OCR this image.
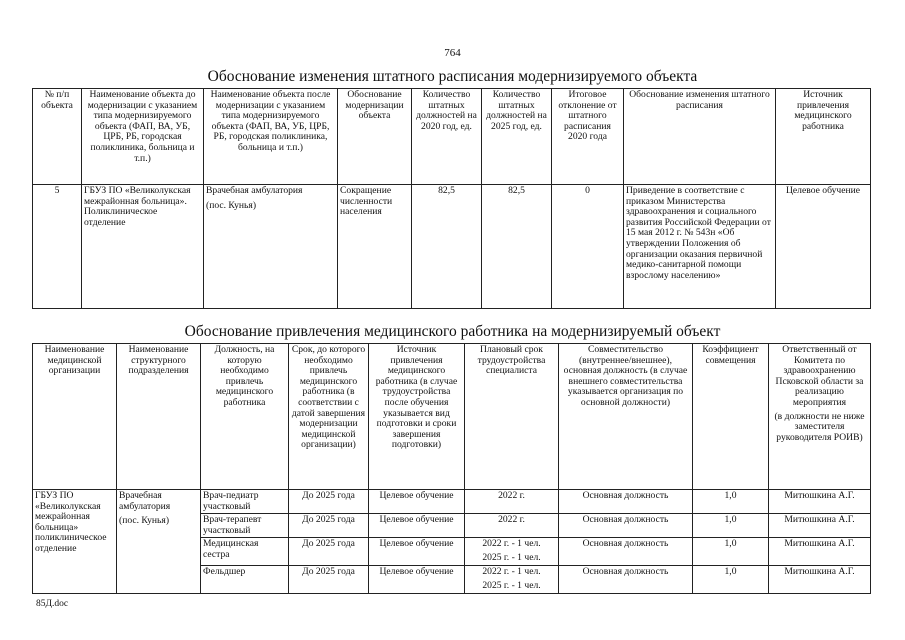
764
Обоснование изменения штатного расписания модернизируемого объекта
№ п/п объекта	Наименование объекта до модернизации с указанием типа модернизируемого объекта (ФАП, ВА, УБ, ЦРБ, РБ, городская поликлиника, больница и т.п.)	Наименование объекта после модернизации с указанием типа модернизируемого объекта (ФАП, ВА, УБ, ЦРБ, РБ, городская поликлиника, больница и т.п.)	Обоснование модернизации объекта	Количество штатных должностей на 2020 год, ед.	Количество штатных должностей на 2025 год, ед.	Итоговое отклонение от штатного расписания 2020 года	Обоснование изменения штатного расписания	Источник привлечения медицинского работника
5	ГБУЗ ПО «Великолукская межрайонная больница». Поликлиническое отделение	Врачебная амбулатория
(пос. Кунья)	Сокращение численности населения	82,5	82,5	0	Приведение в соответствие с приказом Министерства здравоохранения и социального развития Российской Федерации от 15 мая 2012 г. № 543н «Об утверждении Положения об организации оказания первичной медико-санитарной помощи взрослому населению»	Целевое обучение
Обоснование привлечения медицинского работника на модернизируемый объект
Наименование медицинской организации	Наименование структурного подразделения	Должность, на которую необходимо привлечь медицинского работника	Срок, до которого необходимо привлечь медицинского работника (в соответствии с датой завершения модернизации медицинской организации)	Источник привлечения медицинского работника (в случае трудоустройства после обучения указывается вид подготовки и сроки завершения подготовки)	Плановый срок трудоустройства специалиста	Совместительство (внутреннее/внешнее), основная должность (в случае внешнего совместительства указывается организация по основной должности)	Коэффициент совмещения	Ответственный от Комитета по здравоохранению Псковской области за реализацию мероприятия
(в должности не ниже заместителя руководителя РОИВ)

ГБУЗ ПО «Великолукская межрайонная больница» поликлиническое отделение	Врачебная амбулатория
(пос. Кунья)	Врач-педиатр участковый	До 2025 года	Целевое обучение	2022 г.	Основная должность	1,0	Митюшкина А.Г.
		Врач-терапевт участковый	До 2025 года	Целевое обучение	2022 г.	Основная должность	1,0	Митюшкина А.Г.
		Медицинская сестра	До 2025 года	Целевое обучение	2022 г. - 1 чел.
2025 г. - 1 чел.	Основная должность	1,0	Митюшкина А.Г.
		Фельдшер	До 2025 года	Целевое обучение	2022 г. - 1 чел.
2025 г. - 1 чел.	Основная должность	1,0	Митюшкина А.Г.
85Д.doc
